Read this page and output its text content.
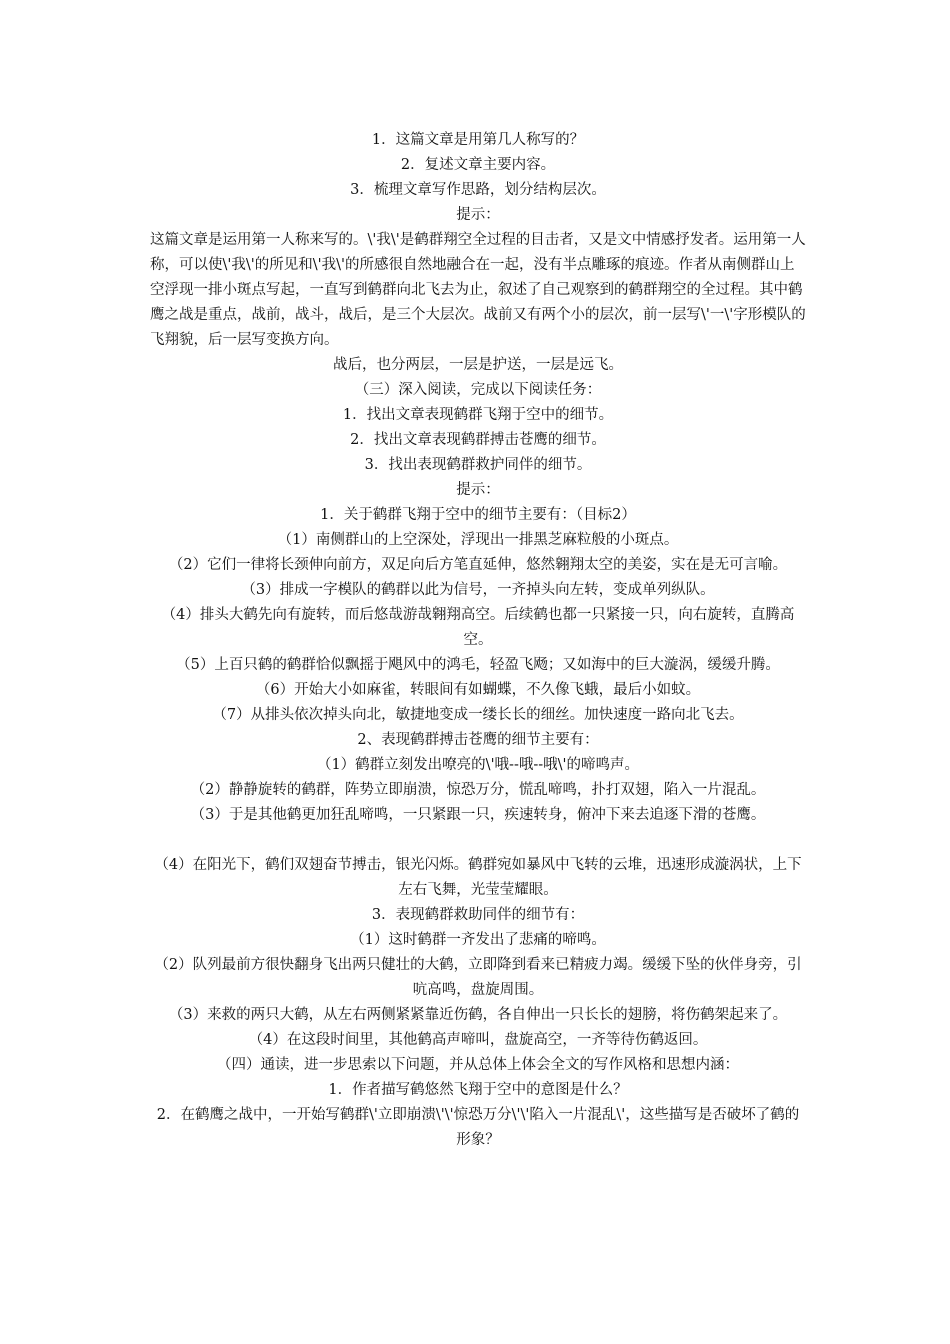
1．这篇文章是用第几人称写的？

2．复述文章主要内容。

3．梳理文章写作思路，划分结构层次。

提示：

这篇文章是运用第一人称来写的。\'我\'是鹤群翔空全过程的目击者，又是文中情感抒发者。运用第一人称，可以使\'我\'的所见和\'我\'的所感很自然地融合在一起，没有半点雕琢的痕迹。作者从南侧群山上空浮现一排小斑点写起，一直写到鹤群向北飞去为止，叙述了自己观察到的鹤群翔空的全过程。其中鹤鹰之战是重点，战前，战斗，战后，是三个大层次。战前又有两个小的层次，前一层写\'一\'字形模队的飞翔貌，后一层写变换方向。

战后，也分两层，一层是护送，一层是远飞。

（三）深入阅读，完成以下阅读任务：

1．找出文章表现鹤群飞翔于空中的细节。

2．找出文章表现鹤群搏击苍鹰的细节。

3．找出表现鹤群救护同伴的细节。

提示：

1．关于鹤群飞翔于空中的细节主要有：（目标2）

（1）南侧群山的上空深处，浮现出一排黑芝麻粒般的小斑点。

（2）它们一律将长颈伸向前方，双足向后方笔直延伸，悠然翱翔太空的美姿，实在是无可言喻。

（3）排成一字模队的鹤群以此为信号，一齐掉头向左转，变成单列纵队。

（4）排头大鹤先向有旋转，而后悠哉游哉翱翔高空。后续鹤也都一只紧接一只，向右旋转，直腾高空。

（5）上百只鹤的鹤群恰似飘摇于飓风中的鸿毛，轻盈飞飏；又如海中的巨大漩涡，缓缓升腾。

（6）开始大小如麻雀，转眼间有如蝴蝶，不久像飞蛾，最后小如蚊。

（7）从排头依次掉头向北，敏捷地变成一缕长长的细丝。加快速度一路向北飞去。

2、表现鹤群搏击苍鹰的细节主要有：

（1）鹤群立刻发出嘹亮的\'哦--哦--哦\'的啼鸣声。

（2）静静旋转的鹤群，阵势立即崩溃，惊恐万分，慌乱啼鸣，扑打双翅，陷入一片混乱。

（3）于是其他鹤更加狂乱啼鸣，一只紧跟一只，疾速转身，俯冲下来去追逐下滑的苍鹰。

（4）在阳光下，鹤们双翅奋节搏击，银光闪烁。鹤群宛如暴风中飞转的云堆，迅速形成漩涡状，上下左右飞舞，光莹莹耀眼。

3．表现鹤群救助同伴的细节有：

（1）这时鹤群一齐发出了悲痛的啼鸣。

（2）队列最前方很快翻身飞出两只健壮的大鹤，立即降到看来已精疲力竭。缓缓下坠的伙伴身旁，引吭高鸣，盘旋周围。

（3）来救的两只大鹤，从左右两侧紧紧靠近伤鹤，各自伸出一只长长的翅膀，将伤鹤架起来了。

（4）在这段时间里，其他鹤高声啼叫，盘旋高空，一齐等待伤鹤返回。

（四）通读，进一步思索以下问题，并从总体上体会全文的写作风格和思想内涵：

1．作者描写鹤悠然飞翔于空中的意图是什么？

2．在鹤鹰之战中，一开始写鹤群\'立即崩溃\'\'惊恐万分\'\'陷入一片混乱\'，这些描写是否破坏了鹤的形象？
